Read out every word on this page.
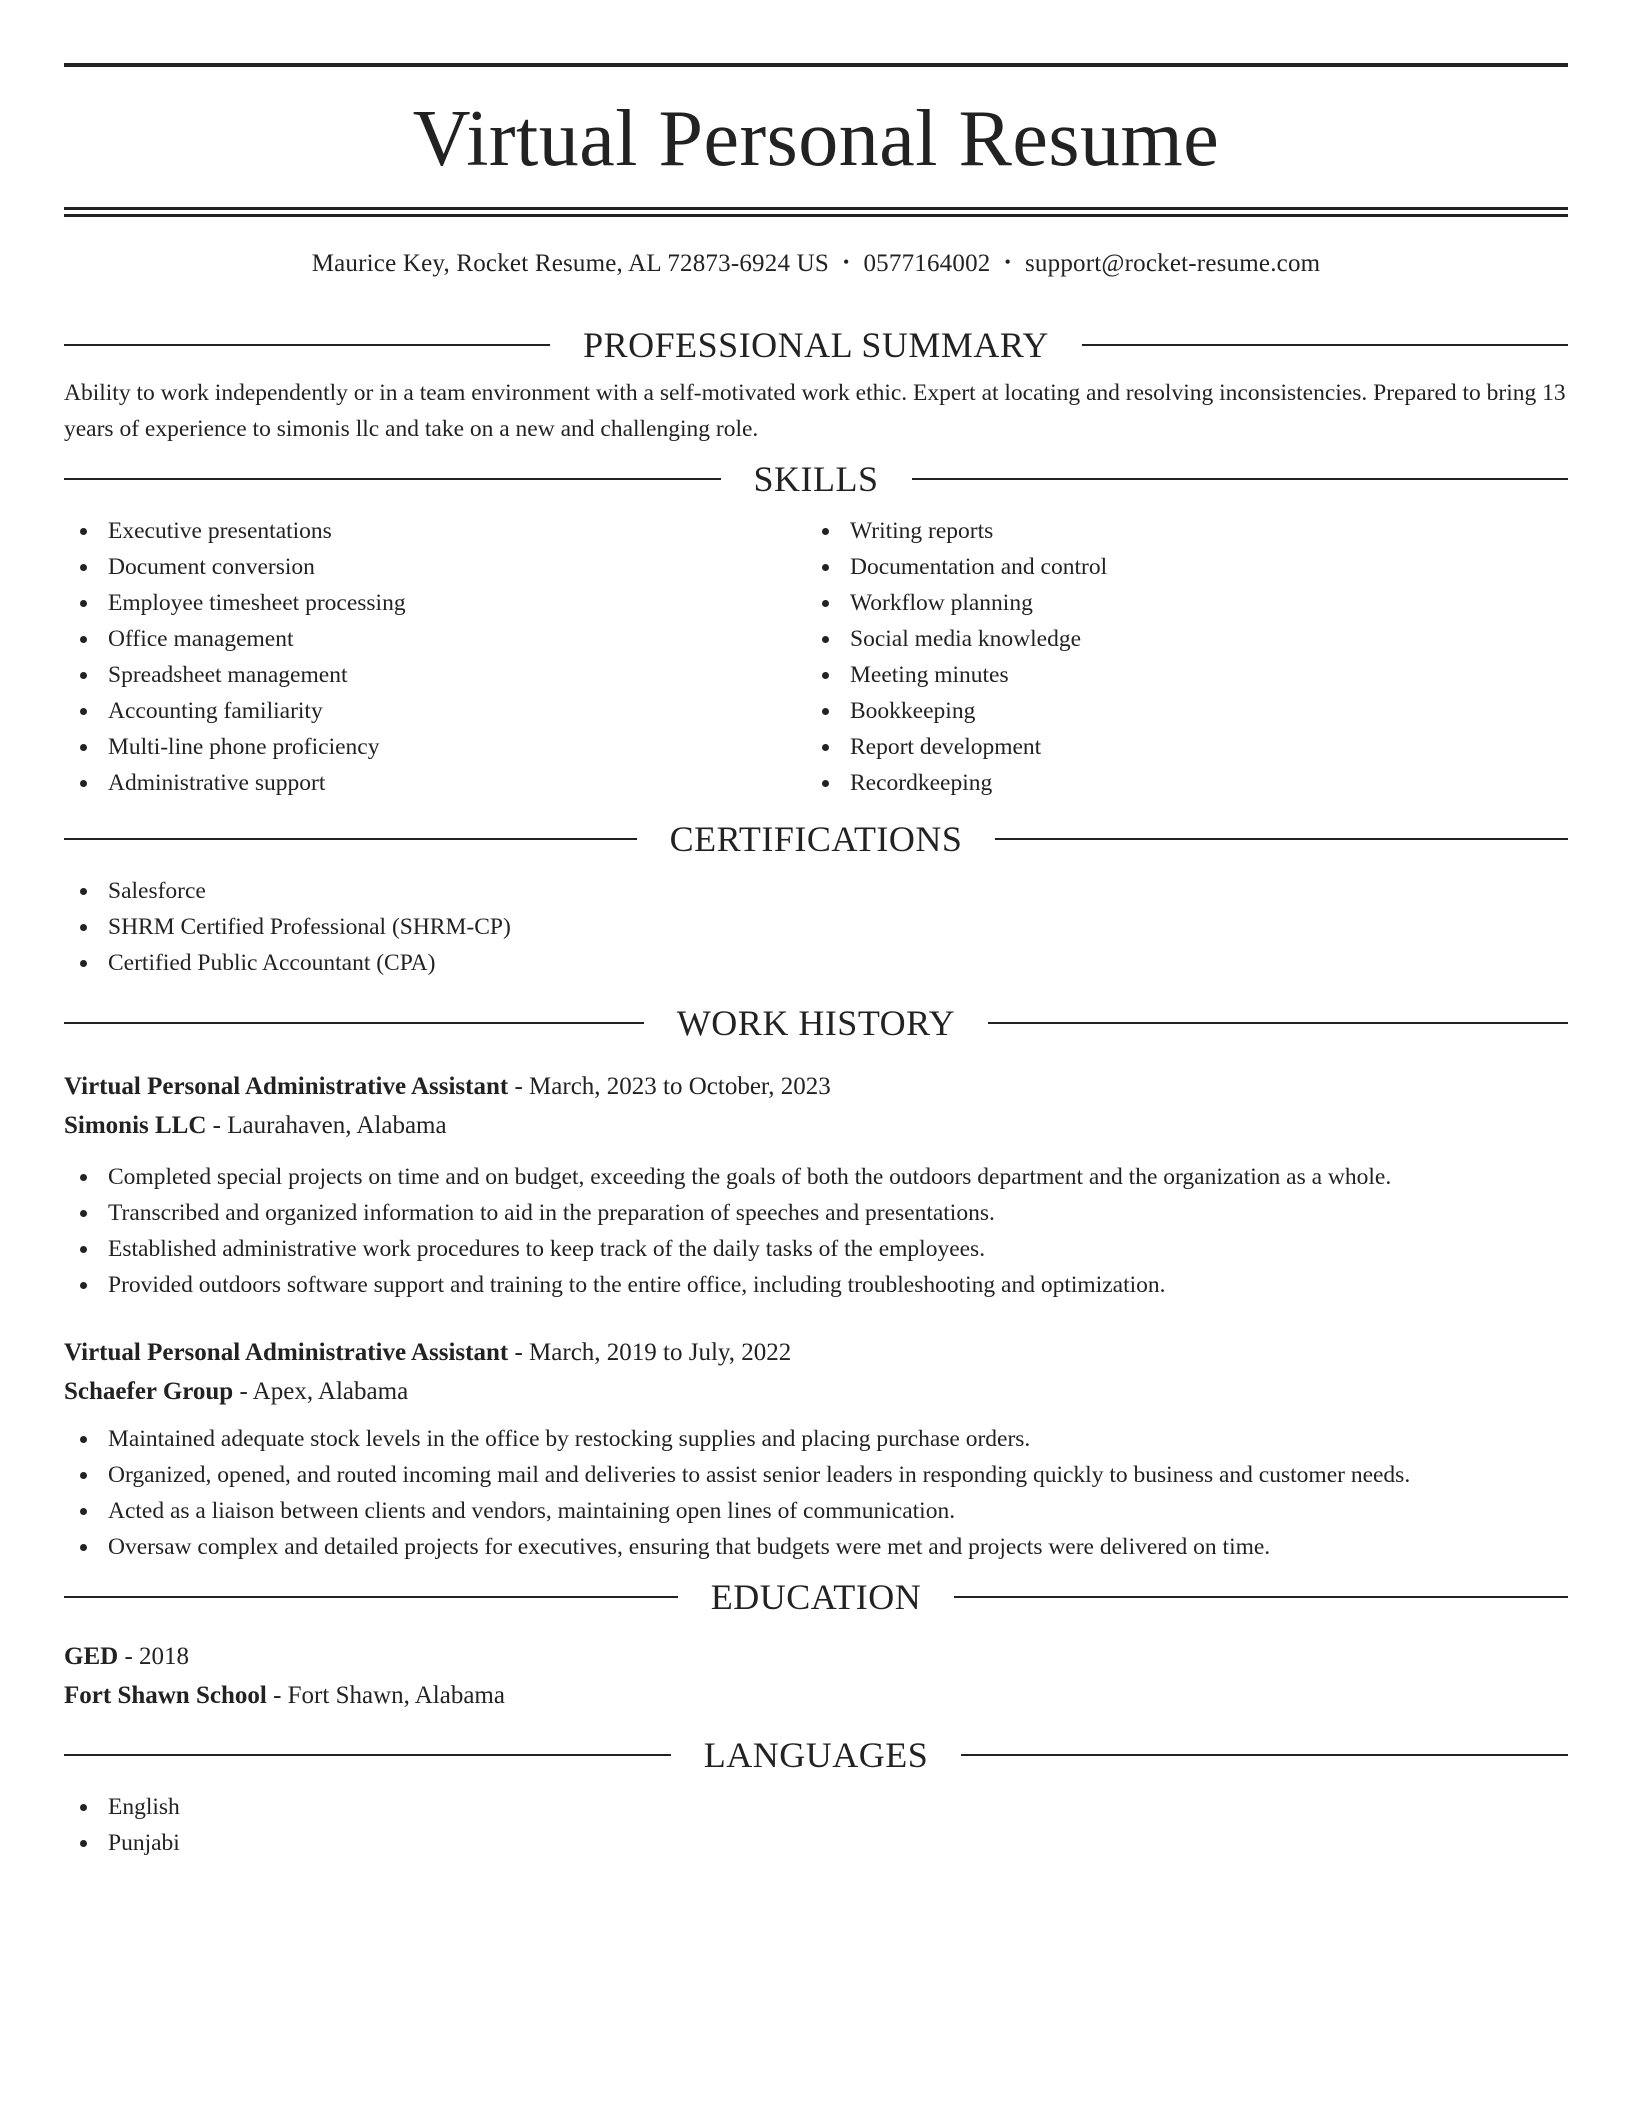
Virtual Personal Resume
Maurice Key, Rocket Resume, AL 72873-6924 US • 0577164002 • support@rocket-resume.com
PROFESSIONAL SUMMARY
Ability to work independently or in a team environment with a self-motivated work ethic. Expert at locating and resolving inconsistencies. Prepared to bring 13 years of experience to simonis llc and take on a new and challenging role.
SKILLS
Executive presentations
Document conversion
Employee timesheet processing
Office management
Spreadsheet management
Accounting familiarity
Multi-line phone proficiency
Administrative support
Writing reports
Documentation and control
Workflow planning
Social media knowledge
Meeting minutes
Bookkeeping
Report development
Recordkeeping
CERTIFICATIONS
Salesforce
SHRM Certified Professional (SHRM-CP)
Certified Public Accountant (CPA)
WORK HISTORY
Virtual Personal Administrative Assistant - March, 2023 to October, 2023
Simonis LLC - Laurahaven, Alabama
Completed special projects on time and on budget, exceeding the goals of both the outdoors department and the organization as a whole.
Transcribed and organized information to aid in the preparation of speeches and presentations.
Established administrative work procedures to keep track of the daily tasks of the employees.
Provided outdoors software support and training to the entire office, including troubleshooting and optimization.
Virtual Personal Administrative Assistant - March, 2019 to July, 2022
Schaefer Group - Apex, Alabama
Maintained adequate stock levels in the office by restocking supplies and placing purchase orders.
Organized, opened, and routed incoming mail and deliveries to assist senior leaders in responding quickly to business and customer needs.
Acted as a liaison between clients and vendors, maintaining open lines of communication.
Oversaw complex and detailed projects for executives, ensuring that budgets were met and projects were delivered on time.
EDUCATION
GED - 2018
Fort Shawn School - Fort Shawn, Alabama
LANGUAGES
English
Punjabi
